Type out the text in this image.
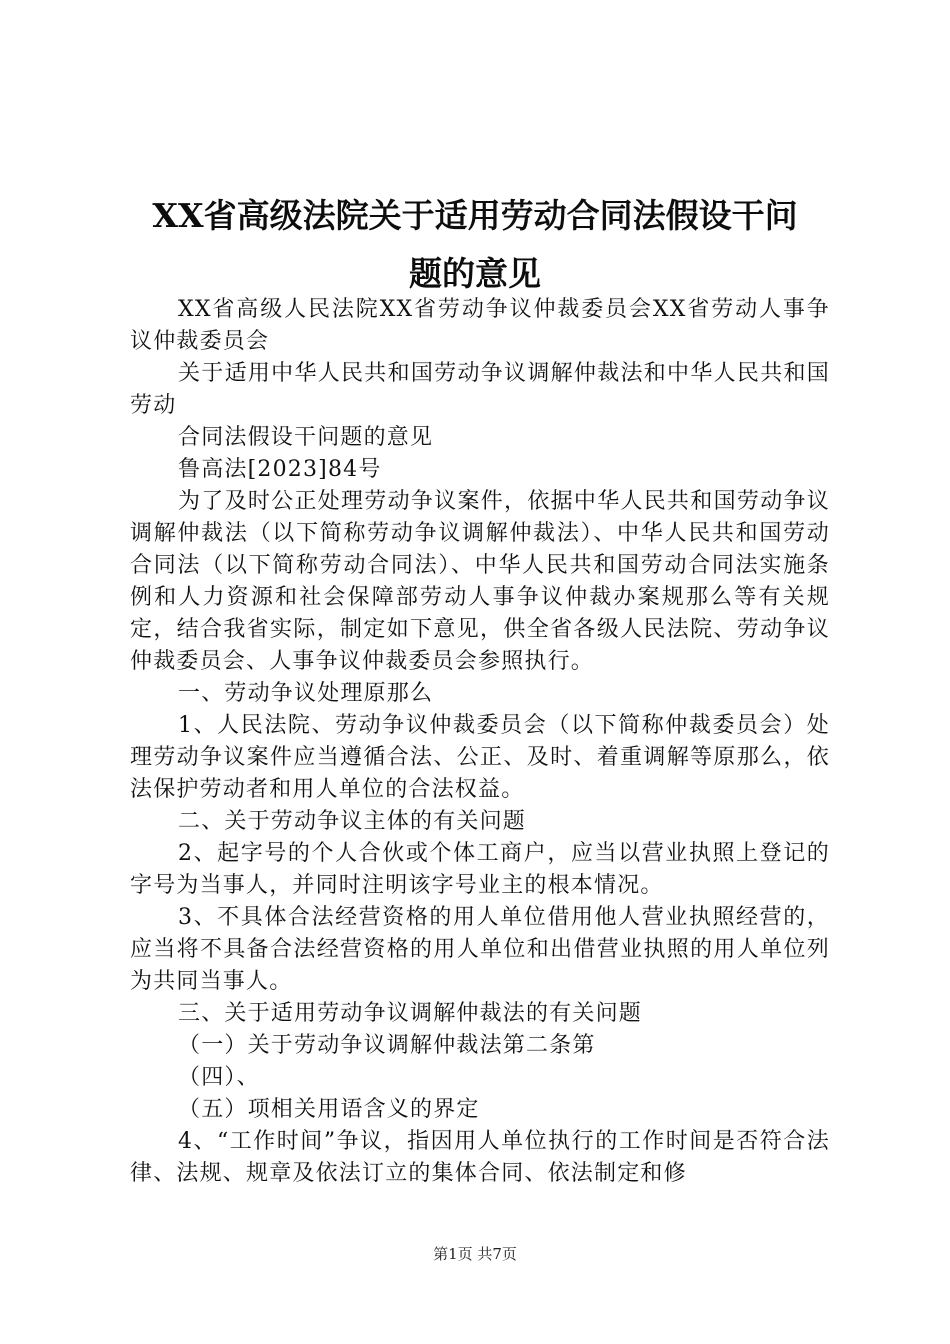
XX省高级法院关于适用劳动合同法假设干问
题的意见

XX省高级人民法院XX省劳动争议仲裁委员会XX省劳动人事争议仲裁委员会

关于适用中华人民共和国劳动争议调解仲裁法和中华人民共和国劳动

合同法假设干问题的意见

鲁高法[2023]84号

为了及时公正处理劳动争议案件，依据中华人民共和国劳动争议调解仲裁法（以下简称劳动争议调解仲裁法）、中华人民共和国劳动合同法（以下简称劳动合同法）、中华人民共和国劳动合同法实施条例和人力资源和社会保障部劳动人事争议仲裁办案规那么等有关规定，结合我省实际，制定如下意见，供全省各级人民法院、劳动争议仲裁委员会、人事争议仲裁委员会参照执行。

一、劳动争议处理原那么

1、人民法院、劳动争议仲裁委员会（以下简称仲裁委员会）处理劳动争议案件应当遵循合法、公正、及时、着重调解等原那么，依法保护劳动者和用人单位的合法权益。

二、关于劳动争议主体的有关问题

2、起字号的个人合伙或个体工商户，应当以营业执照上登记的字号为当事人，并同时注明该字号业主的根本情况。

3、不具体合法经营资格的用人单位借用他人营业执照经营的，应当将不具备合法经营资格的用人单位和出借营业执照的用人单位列为共同当事人。

三、关于适用劳动争议调解仲裁法的有关问题

（一）关于劳动争议调解仲裁法第二条第

（四）、

（五）项相关用语含义的界定

4、“工作时间”争议，指因用人单位执行的工作时间是否符合法律、法规、规章及依法订立的集体合同、依法制定和修

第1页 共7页
